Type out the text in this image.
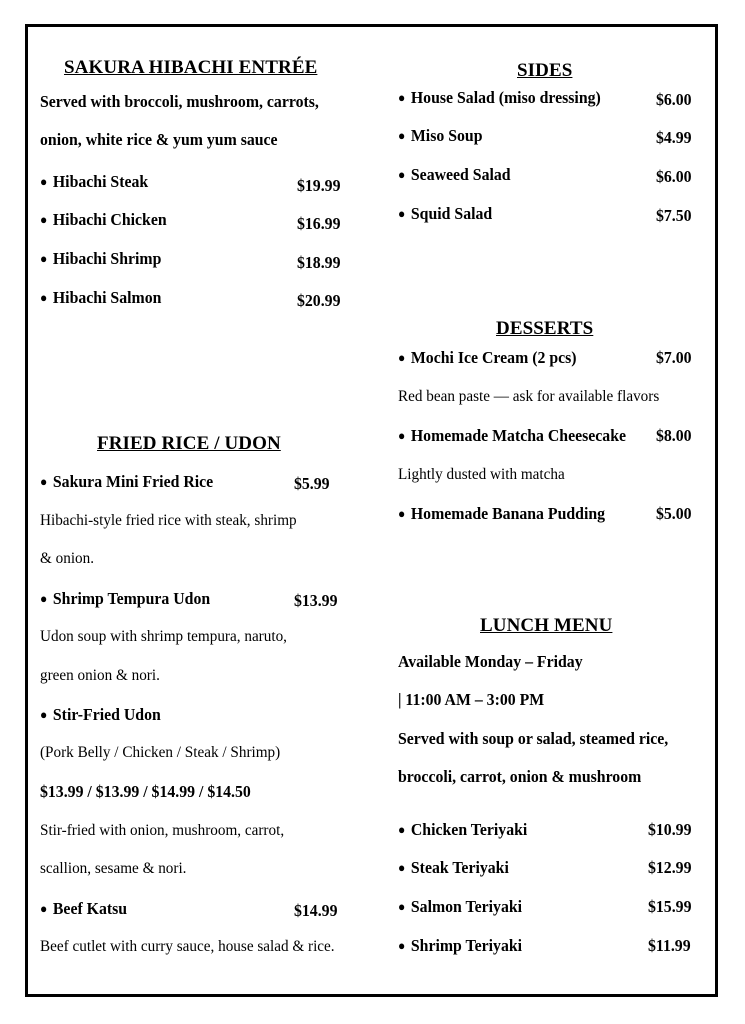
SAKURA HIBACHI ENTRÉE
Served with broccoli, mushroom, carrots,
onion, white rice & yum yum sauce
● Hibachi Steak	$19.99
● Hibachi Chicken	$16.99
● Hibachi Shrimp	$18.99
● Hibachi Salmon	$20.99
FRIED RICE / UDON
● Sakura Mini Fried Rice	$5.99
Hibachi-style fried rice with steak, shrimp
& onion.
● Shrimp Tempura Udon	$13.99
Udon soup with shrimp tempura, naruto,
green onion & nori.
● Stir-Fried Udon
(Pork Belly / Chicken / Steak / Shrimp)
$13.99 / $13.99 / $14.99 / $14.50
Stir-fried with onion, mushroom, carrot,
scallion, sesame & nori.
● Beef Katsu	$14.99
Beef cutlet with curry sauce, house salad & rice.
SIDES
● House Salad (miso dressing)	$6.00
● Miso Soup	$4.99
● Seaweed Salad	$6.00
● Squid Salad	$7.50
DESSERTS
● Mochi Ice Cream (2 pcs)	$7.00
Red bean paste — ask for available flavors
● Homemade Matcha Cheesecake $8.00
Lightly dusted with matcha
● Homemade Banana Pudding	$5.00
LUNCH MENU
Available Monday – Friday
| 11:00 AM – 3:00 PM
Served with soup or salad, steamed rice,
broccoli, carrot, onion & mushroom
● Chicken Teriyaki	$10.99
● Steak Teriyaki	$12.99
● Salmon Teriyaki	$15.99
● Shrimp Teriyaki	$11.99
